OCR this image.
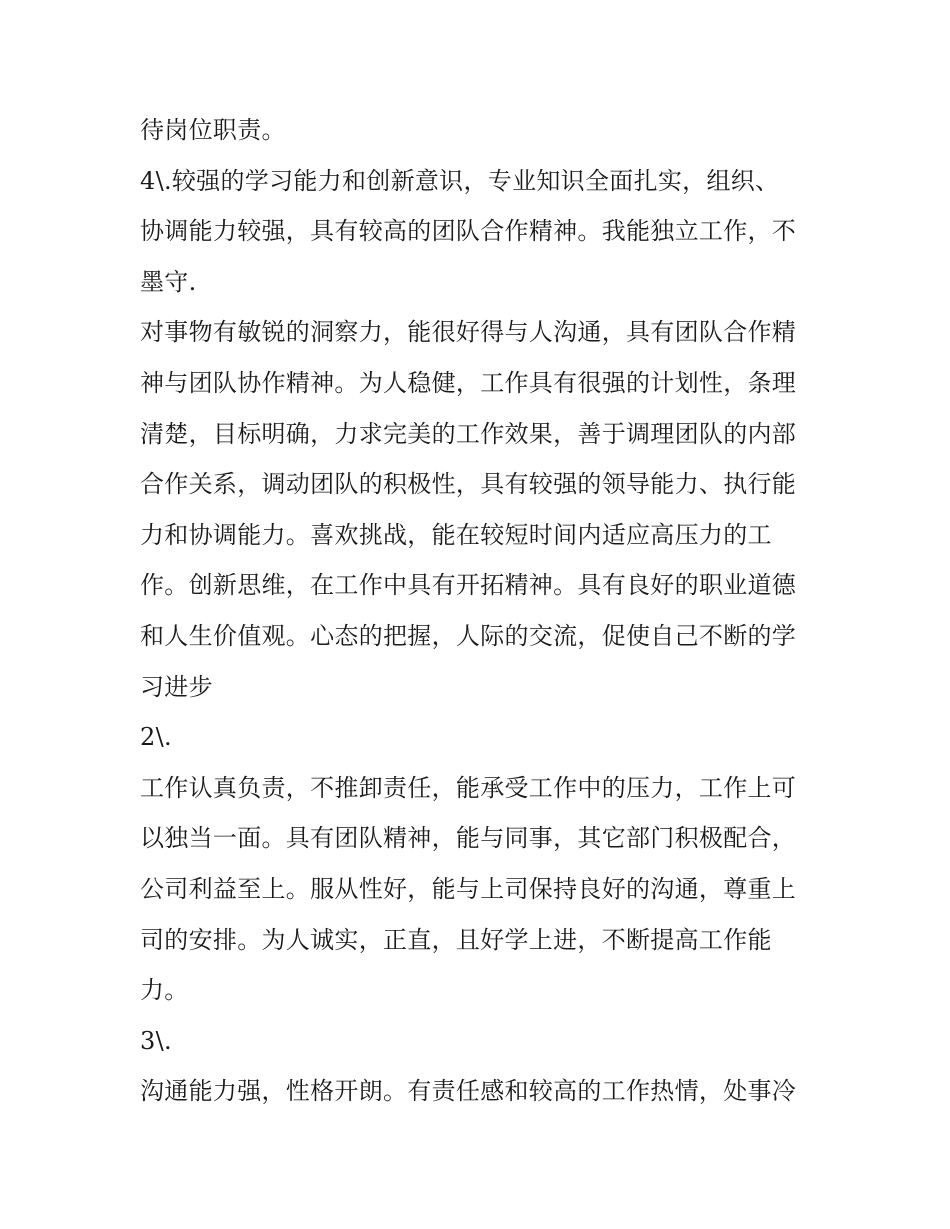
待岗位职责。
4\.较强的学习能力和创新意识，专业知识全面扎实，组织、
协调能力较强，具有较高的团队合作精神。我能独立工作，不
墨守.
对事物有敏锐的洞察力，能很好得与人沟通，具有团队合作精
神与团队协作精神。为人稳健，工作具有很强的计划性，条理
清楚，目标明确，力求完美的工作效果，善于调理团队的内部
合作关系，调动团队的积极性，具有较强的领导能力、执行能
力和协调能力。喜欢挑战，能在较短时间内适应高压力的工
作。创新思维，在工作中具有开拓精神。具有良好的职业道德
和人生价值观。心态的把握，人际的交流，促使自己不断的学
习进步
2\.
工作认真负责，不推卸责任，能承受工作中的压力，工作上可
以独当一面。具有团队精神，能与同事，其它部门积极配合，
公司利益至上。服从性好，能与上司保持良好的沟通，尊重上
司的安排。为人诚实，正直，且好学上进，不断提高工作能
力。
3\.
沟通能力强，性格开朗。有责任感和较高的工作热情，处事冷
